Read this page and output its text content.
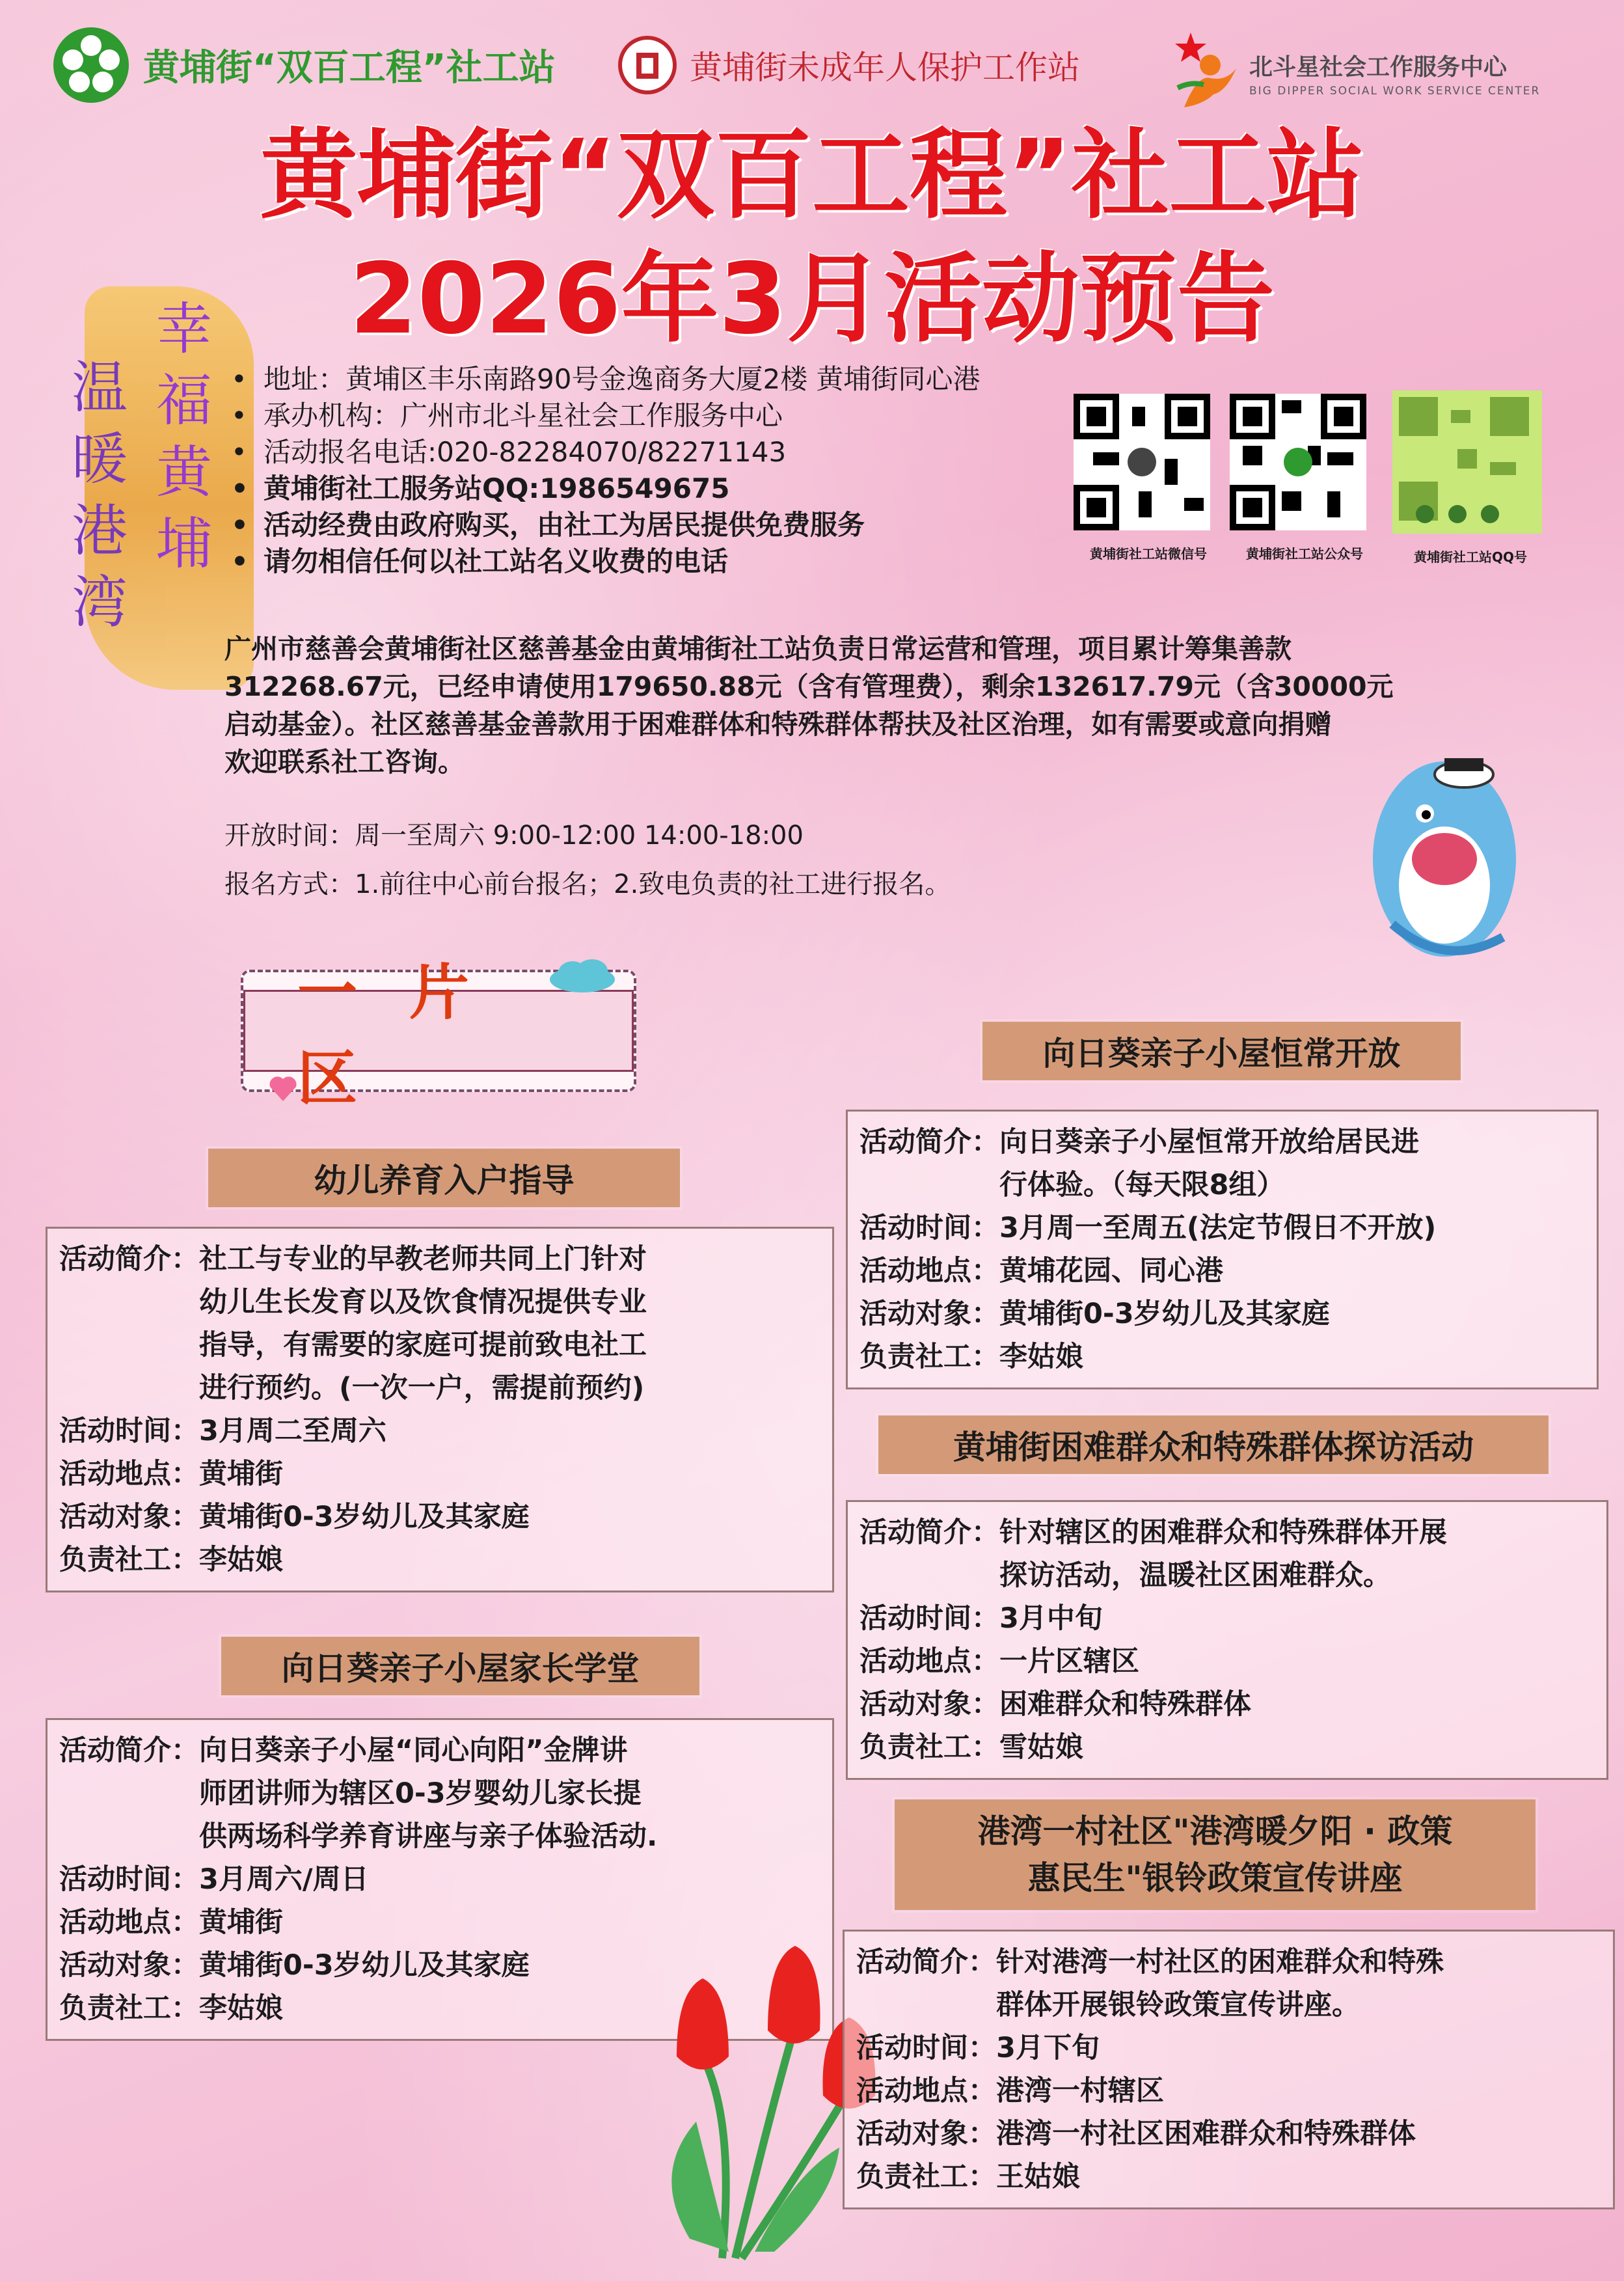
黄埔街“双百工程”社工站	黄埔街未成年人保护工作站	北斗星社会工作服务中心
BIG DIPPER SOCIAL WORK SERVICE CENTER
黄埔街“双百工程”社工站
2026年3月活动预告
幸
福
黄
埔
温
暖
港
湾
• 地址：黄埔区丰乐南路90号金逸商务大厦2楼 黄埔街同心港
• 承办机构：广州市北斗星社会工作服务中心
• 活动报名电话:020-82284070/82271143
• 黄埔街社工服务站QQ:1986549675
• 活动经费由政府购买，由社工为居民提供免费服务
• 请勿相信任何以社工站名义收费的电话	黄埔街社工站微信号	黄埔街社工站公众号	黄埔街社工站QQ号
广州市慈善会黄埔街社区慈善基金由黄埔街社工站负责日常运营和管理，项目累计筹集善款
312268.67元，已经申请使用179650.88元（含有管理费），剩余132617.79元（含30000元
启动基金）。社区慈善基金善款用于困难群体和特殊群体帮扶及社区治理，如有需要或意向捐赠
欢迎联系社工咨询。
开放时间：周一至周六 9:00-12:00 14:00-18:00
报名方式：1.前往中心前台报名；2.致电负责的社工进行报名。
一片区
幼儿养育入户指导
活动简介： 社工与专业的早教老师共同上门针对
幼儿生长发育以及饮食情况提供专业
指导，有需要的家庭可提前致电社工
进行预约。(一次一户，需提前预约)
活动时间： 3月周二至周六
活动地点： 黄埔街
活动对象： 黄埔街0-3岁幼儿及其家庭
负责社工： 李姑娘
向日葵亲子小屋家长学堂
活动简介： 向日葵亲子小屋“同心向阳”金牌讲
师团讲师为辖区0-3岁婴幼儿家长提
供两场科学养育讲座与亲子体验活动.
活动时间： 3月周六/周日
活动地点： 黄埔街
活动对象： 黄埔街0-3岁幼儿及其家庭
负责社工： 李姑娘
向日葵亲子小屋恒常开放
活动简介： 向日葵亲子小屋恒常开放给居民进
行体验。（每天限8组）
活动时间： 3月周一至周五(法定节假日不开放)
活动地点： 黄埔花园、同心港
活动对象： 黄埔街0-3岁幼儿及其家庭
负责社工： 李姑娘
黄埔街困难群众和特殊群体探访活动
活动简介： 针对辖区的困难群众和特殊群体开展
探访活动，温暖社区困难群众。
活动时间： 3月中旬
活动地点： 一片区辖区
活动对象： 困难群众和特殊群体
负责社工： 雪姑娘
港湾一村社区"港湾暖夕阳 · 政策
惠民生"银铃政策宣传讲座
活动简介： 针对港湾一村社区的困难群众和特殊
群体开展银铃政策宣传讲座。
活动时间： 3月下旬
活动地点： 港湾一村辖区
活动对象： 港湾一村社区困难群众和特殊群体
负责社工： 王姑娘
